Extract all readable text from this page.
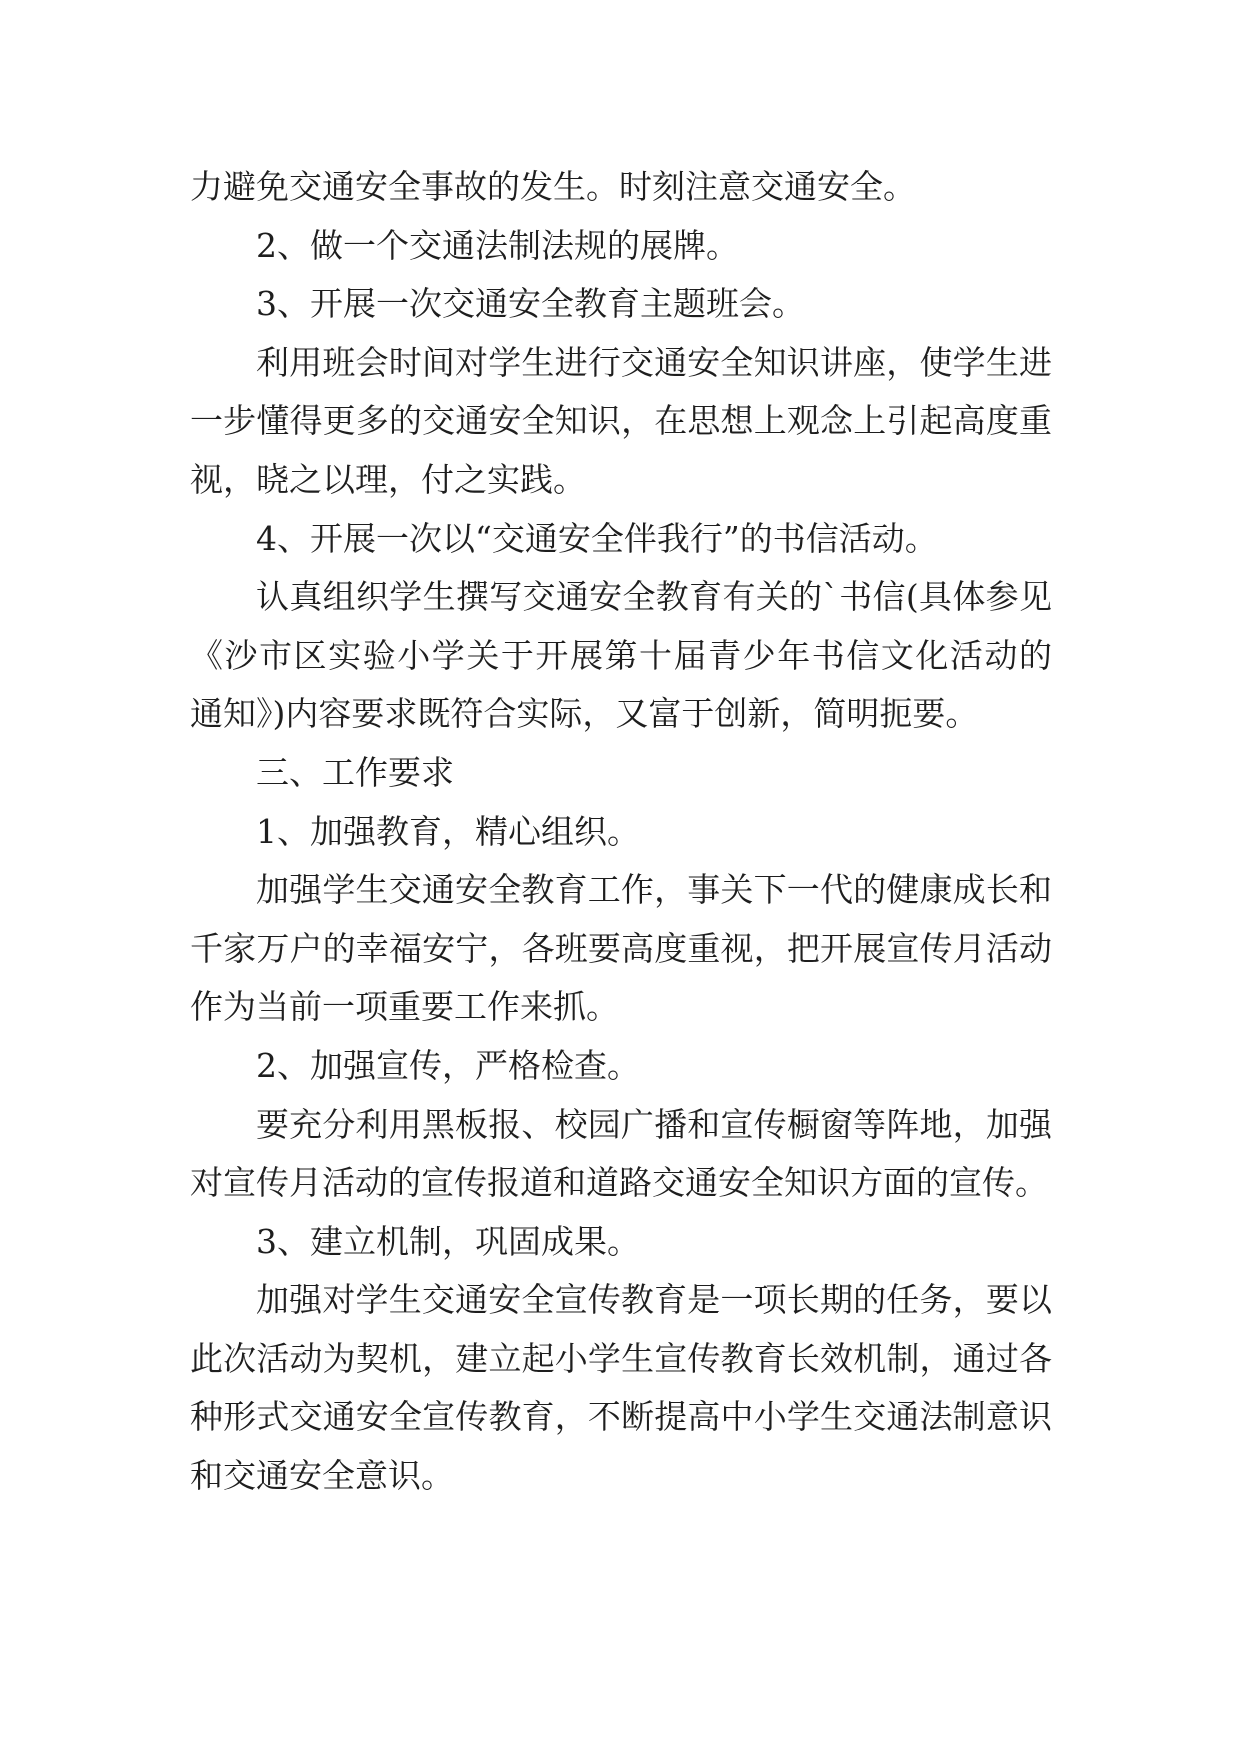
力避免交通安全事故的发生。时刻注意交通安全。
2、做一个交通法制法规的展牌。
3、开展一次交通安全教育主题班会。
利用班会时间对学生进行交通安全知识讲座，使学生进
一步懂得更多的交通安全知识，在思想上观念上引起高度重
视，晓之以理，付之实践。
4、开展一次以“交通安全伴我行”的书信活动。
认真组织学生撰写交通安全教育有关的`书信(具体参见
《沙市区实验小学关于开展第十届青少年书信文化活动的
通知》)内容要求既符合实际，又富于创新，简明扼要。
三、工作要求
1、加强教育，精心组织。
加强学生交通安全教育工作，事关下一代的健康成长和
千家万户的幸福安宁，各班要高度重视，把开展宣传月活动
作为当前一项重要工作来抓。
2、加强宣传，严格检查。
要充分利用黑板报、校园广播和宣传橱窗等阵地，加强
对宣传月活动的宣传报道和道路交通安全知识方面的宣传。
3、建立机制，巩固成果。
加强对学生交通安全宣传教育是一项长期的任务，要以
此次活动为契机，建立起小学生宣传教育长效机制，通过各
种形式交通安全宣传教育，不断提高中小学生交通法制意识
和交通安全意识。
